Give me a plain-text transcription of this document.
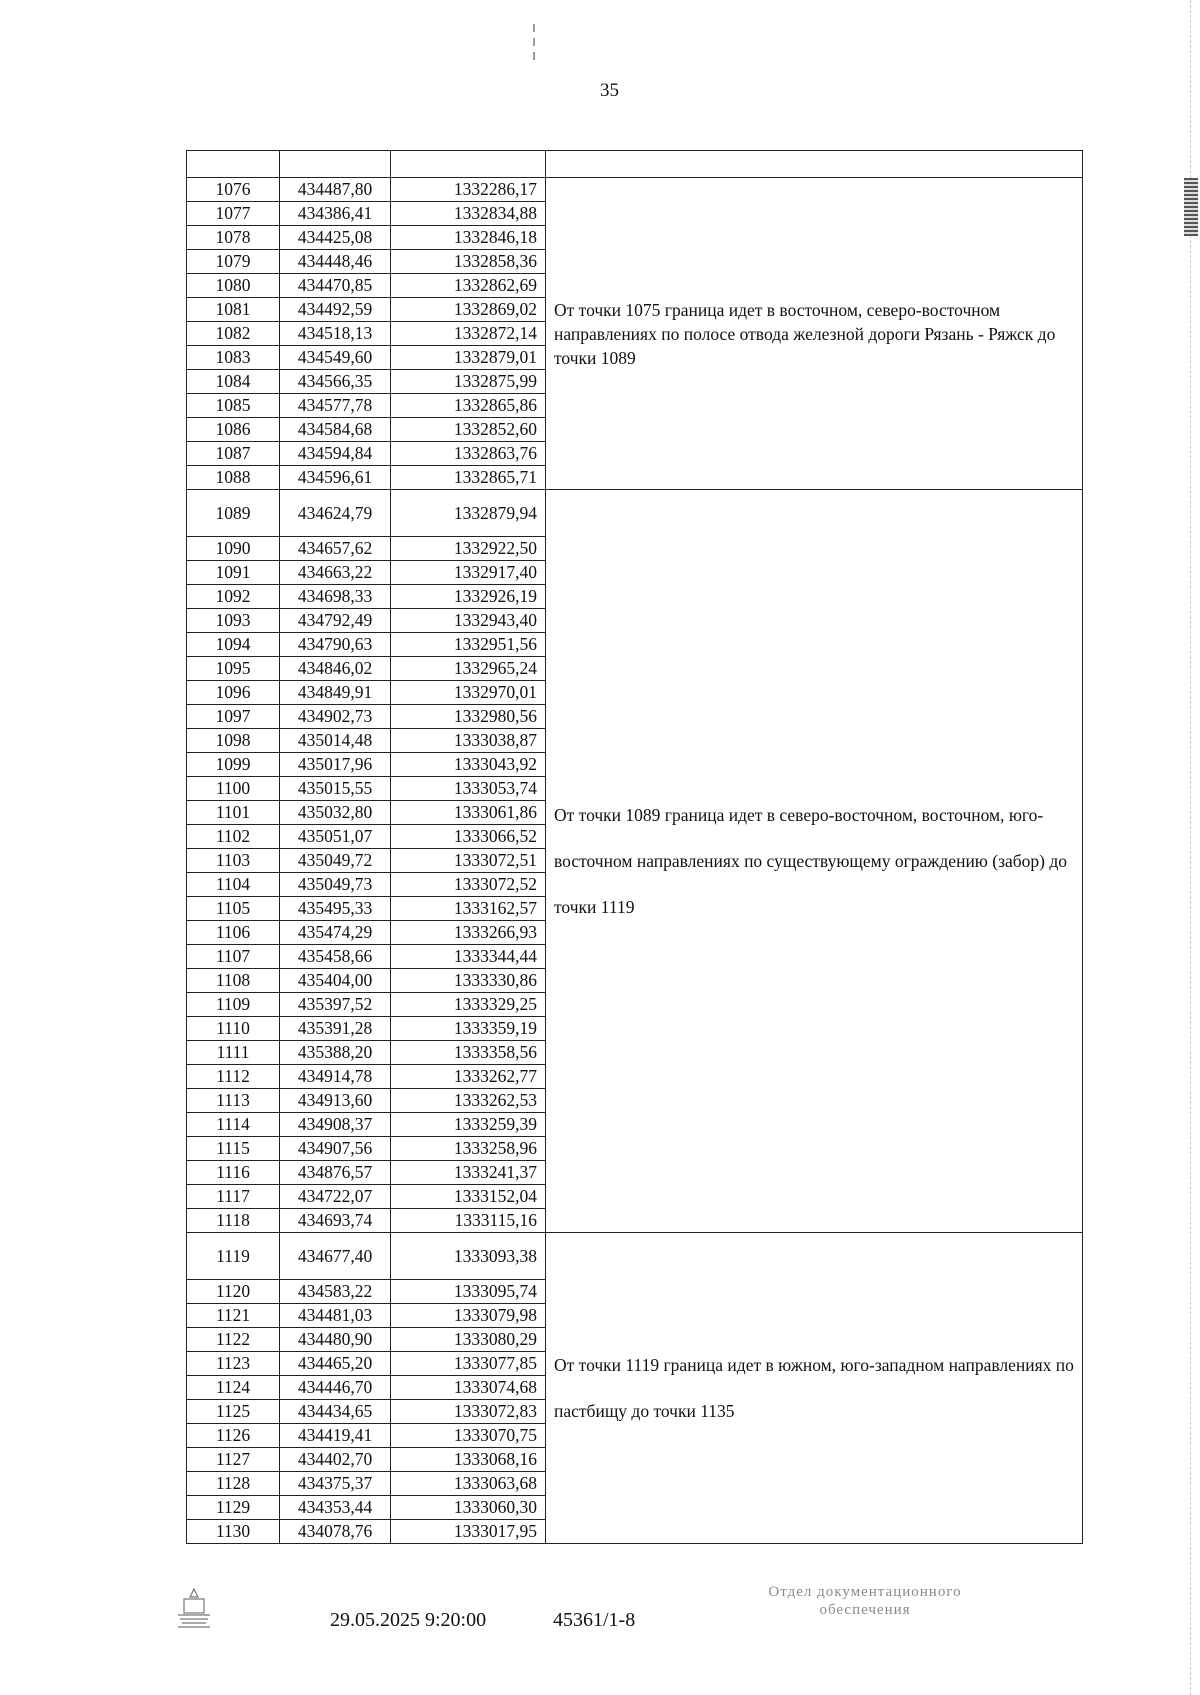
35

1076	434487,80	1332286,17	От точки 1075 граница идет в восточном, северо-восточном направлениях по полосе отвода железной дороги Рязань - Ряжск до точки 1089
1077	434386,41	1332834,88	
1078	434425,08	1332846,18	
1079	434448,46	1332858,36	
1080	434470,85	1332862,69	
1081	434492,59	1332869,02	
1082	434518,13	1332872,14	
1083	434549,60	1332879,01	
1084	434566,35	1332875,99	
1085	434577,78	1332865,86	
1086	434584,68	1332852,60	
1087	434594,84	1332863,76	
1088	434596,61	1332865,71	
1089	434624,79	1332879,94	От точки 1089 граница идет в северо-восточном, восточном, юго-восточном направлениях по существующему ограждению (забор) до точки 1119
1090	434657,62	1332922,50	
1091	434663,22	1332917,40	
1092	434698,33	1332926,19	
1093	434792,49	1332943,40	
1094	434790,63	1332951,56	
1095	434846,02	1332965,24	
1096	434849,91	1332970,01	
1097	434902,73	1332980,56	
1098	435014,48	1333038,87	
1099	435017,96	1333043,92	
1100	435015,55	1333053,74	
1101	435032,80	1333061,86	
1102	435051,07	1333066,52	
1103	435049,72	1333072,51	
1104	435049,73	1333072,52	
1105	435495,33	1333162,57	
1106	435474,29	1333266,93	
1107	435458,66	1333344,44	
1108	435404,00	1333330,86	
1109	435397,52	1333329,25	
1110	435391,28	1333359,19	
1111	435388,20	1333358,56	
1112	434914,78	1333262,77	
1113	434913,60	1333262,53	
1114	434908,37	1333259,39	
1115	434907,56	1333258,96	
1116	434876,57	1333241,37	
1117	434722,07	1333152,04	
1118	434693,74	1333115,16	
1119	434677,40	1333093,38	От точки 1119 граница идет в южном, юго-западном направлениях по пастбищу до точки 1135
1120	434583,22	1333095,74	
1121	434481,03	1333079,98	
1122	434480,90	1333080,29	
1123	434465,20	1333077,85	
1124	434446,70	1333074,68	
1125	434434,65	1333072,83	
1126	434419,41	1333070,75	
1127	434402,70	1333068,16	
1128	434375,37	1333063,68	
1129	434353,44	1333060,30	
1130	434078,76	1333017,95	
29.05.2025 9:20:00	45361/1-8
Отдел документационного
обеспечения
